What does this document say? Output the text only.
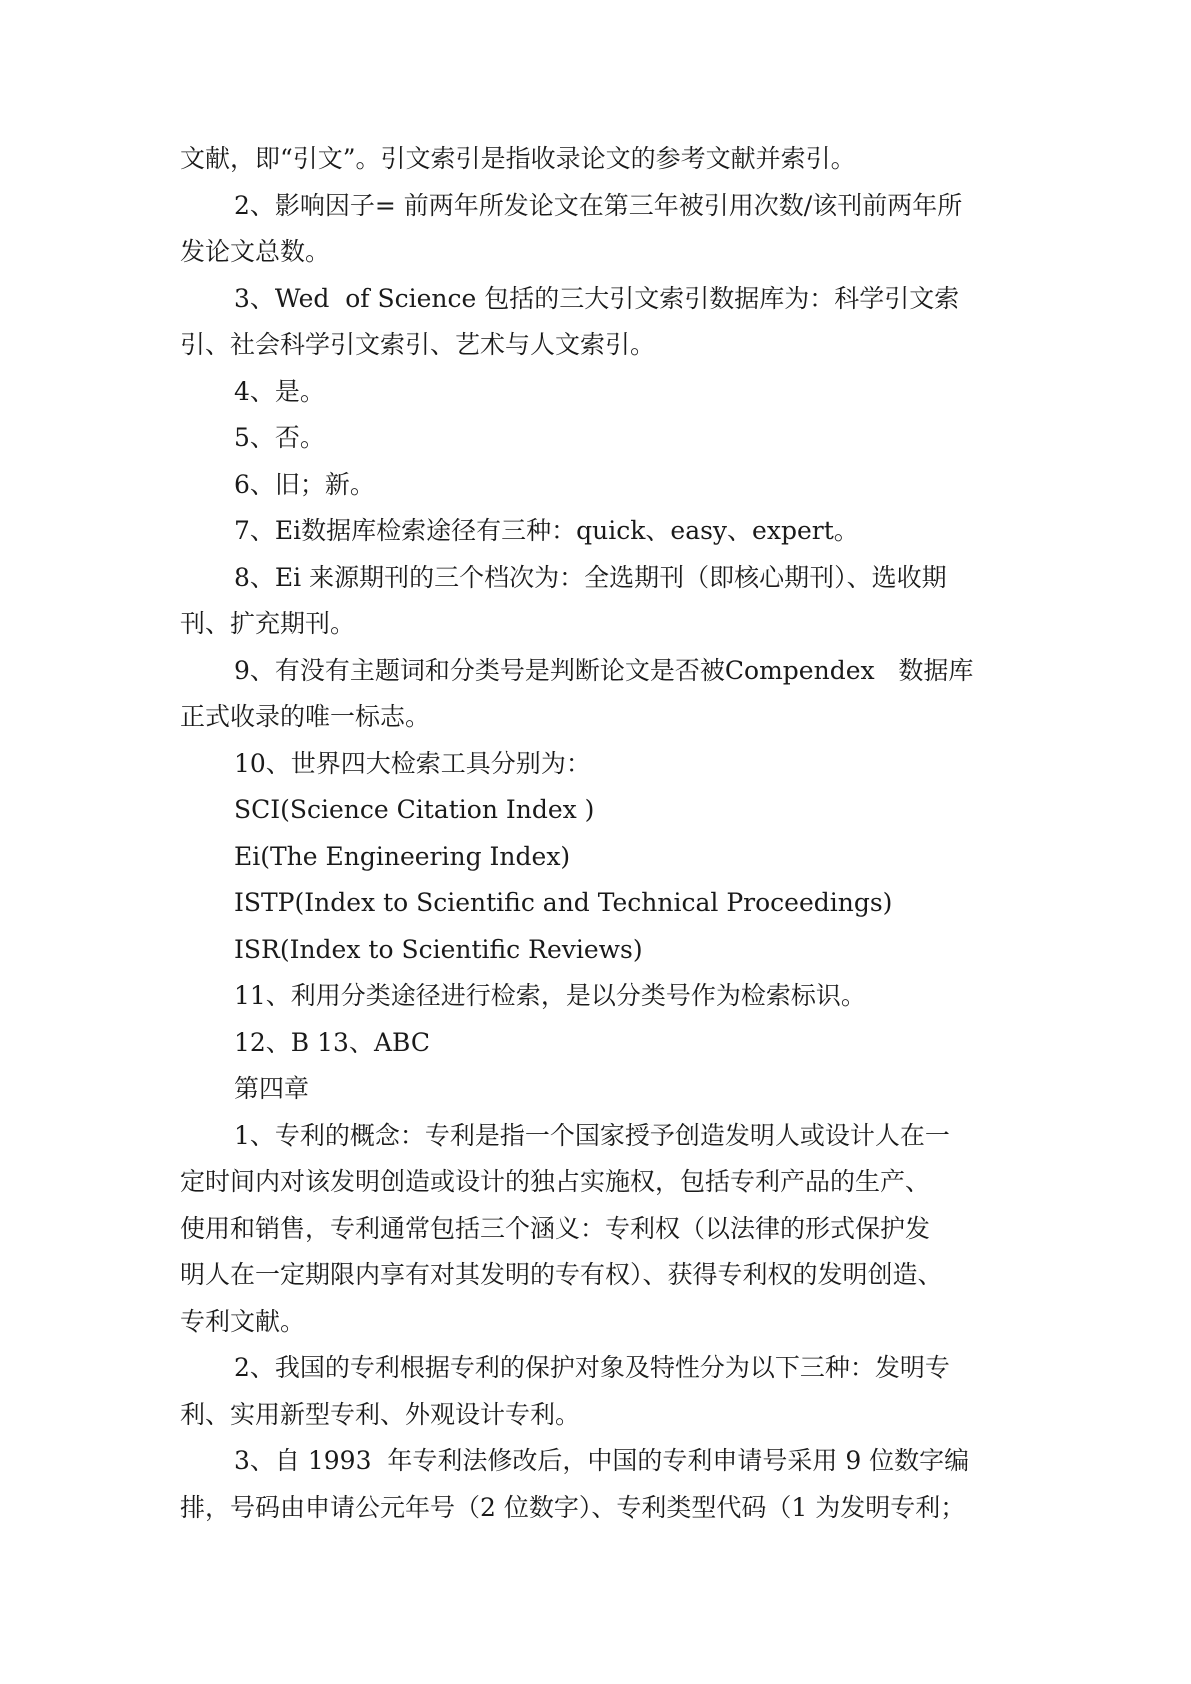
文献，即“引文”。引文索引是指收录论文的参考文献并索引。
2、影响因子= 前两年所发论文在第三年被引用次数/该刊前两年所
发论文总数。
3、Wed  of Science 包括的三大引文索引数据库为：科学引文索
引、社会科学引文索引、艺术与人文索引。
4、是。
5、否。
6、旧；新。
7、Ei数据库检索途径有三种：quick、easy、expert。
8、Ei 来源期刊的三个档次为：全选期刊（即核心期刊）、选收期
刊、扩充期刊。
9、有没有主题词和分类号是判断论文是否被Compendex   数据库
正式收录的唯一标志。
10、世界四大检索工具分别为：
SCI(Science Citation Index )
Ei(The Engineering Index)
ISTP(Index to Scientific and Technical Proceedings)
ISR(Index to Scientific Reviews)
11、利用分类途径进行检索，是以分类号作为检索标识。
12、B 13、ABC
第四章
1、专利的概念：专利是指一个国家授予创造发明人或设计人在一
定时间内对该发明创造或设计的独占实施权，包括专利产品的生产、
使用和销售，专利通常包括三个涵义：专利权（以法律的形式保护发
明人在一定期限内享有对其发明的专有权）、获得专利权的发明创造、
专利文献。
2、我国的专利根据专利的保护对象及特性分为以下三种：发明专
利、实用新型专利、外观设计专利。
3、自 1993  年专利法修改后，中国的专利申请号采用 9 位数字编
排，号码由申请公元年号（2 位数字）、专利类型代码（1 为发明专利；
